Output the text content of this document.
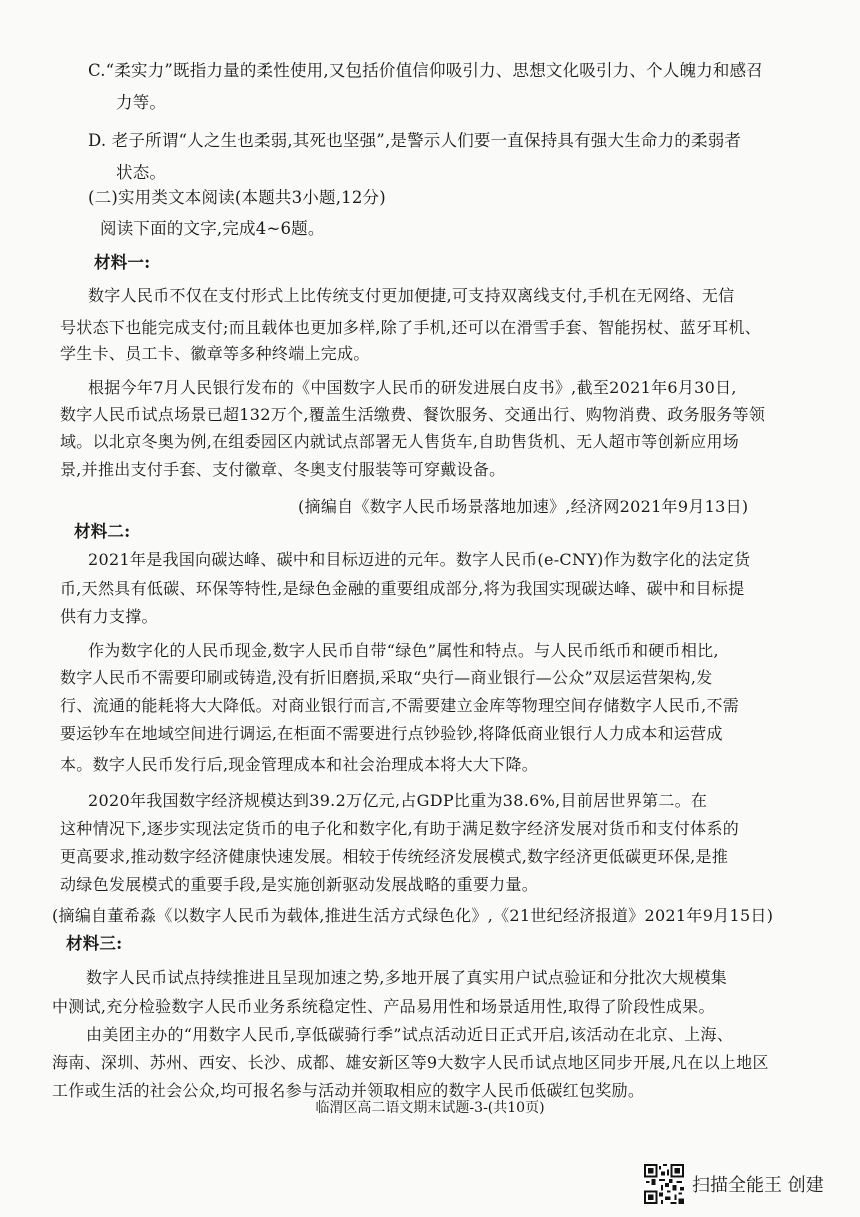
C.“柔实力”既指力量的柔性使用,又包括价值信仰吸引力、思想文化吸引力、个人魄力和感召
力等。
D. 老子所谓“人之生也柔弱,其死也坚强”,是警示人们要一直保持具有强大生命力的柔弱者
状态。
(二)实用类文本阅读(本题共3小题,12分)
阅读下面的文字,完成4~6题。
材料一:
数字人民币不仅在支付形式上比传统支付更加便捷,可支持双离线支付,手机在无网络、无信
号状态下也能完成支付;而且载体也更加多样,除了手机,还可以在滑雪手套、智能拐杖、蓝牙耳机、
学生卡、员工卡、徽章等多种终端上完成。
根据今年7月人民银行发布的《中国数字人民币的研发进展白皮书》,截至2021年6月30日,
数字人民币试点场景已超132万个,覆盖生活缴费、餐饮服务、交通出行、购物消费、政务服务等领
域。以北京冬奥为例,在组委园区内就试点部署无人售货车,自助售货机、无人超市等创新应用场
景,并推出支付手套、支付徽章、冬奥支付服装等可穿戴设备。
(摘编自《数字人民币场景落地加速》,经济网2021年9月13日)
材料二:
2021年是我国向碳达峰、碳中和目标迈进的元年。数字人民币(e-CNY)作为数字化的法定货
币,天然具有低碳、环保等特性,是绿色金融的重要组成部分,将为我国实现碳达峰、碳中和目标提
供有力支撑。
作为数字化的人民币现金,数字人民币自带“绿色”属性和特点。与人民币纸币和硬币相比,
数字人民币不需要印刷或铸造,没有折旧磨损,采取“央行—商业银行—公众”双层运营架构,发
行、流通的能耗将大大降低。对商业银行而言,不需要建立金库等物理空间存储数字人民币,不需
要运钞车在地域空间进行调运,在柜面不需要进行点钞验钞,将降低商业银行人力成本和运营成
本。数字人民币发行后,现金管理成本和社会治理成本将大大下降。
2020年我国数字经济规模达到39.2万亿元,占GDP比重为38.6%,目前居世界第二。在
这种情况下,逐步实现法定货币的电子化和数字化,有助于满足数字经济发展对货币和支付体系的
更高要求,推动数字经济健康快速发展。相较于传统经济发展模式,数字经济更低碳更环保,是推
动绿色发展模式的重要手段,是实施创新驱动发展战略的重要力量。
(摘编自董希淼《以数字人民币为载体,推进生活方式绿色化》,《21世纪经济报道》2021年9月15日)
材料三:
数字人民币试点持续推进且呈现加速之势,多地开展了真实用户试点验证和分批次大规模集
中测试,充分检验数字人民币业务系统稳定性、产品易用性和场景适用性,取得了阶段性成果。
由美团主办的“用数字人民币,享低碳骑行季”试点活动近日正式开启,该活动在北京、上海、
海南、深圳、苏州、西安、长沙、成都、雄安新区等9大数字人民币试点地区同步开展,凡在以上地区
工作或生活的社会公众,均可报名参与活动并领取相应的数字人民币低碳红包奖励。
临渭区高二语文期末试题-3-(共10页)
扫描全能王 创建
